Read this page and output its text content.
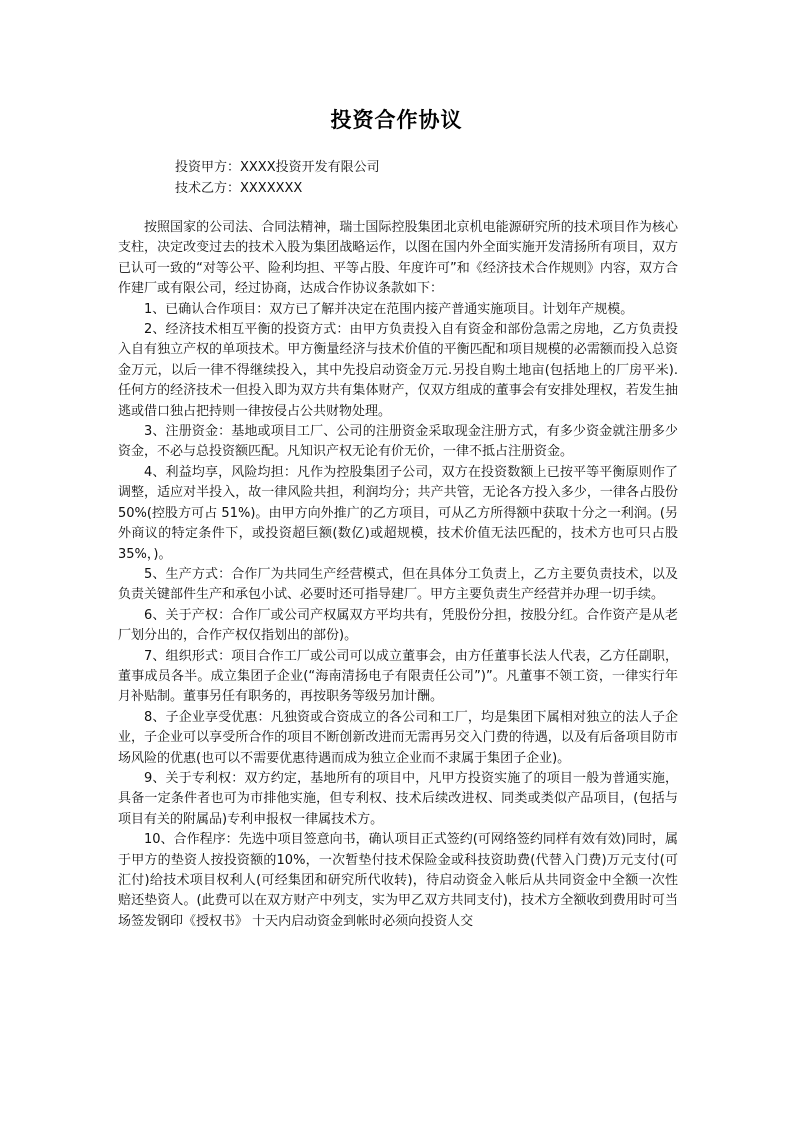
投资合作协议
投资甲方：XXXX投资开发有限公司
技术乙方：XXXXXXX

按照国家的公司法、合同法精神，瑞士国际控股集团北京机电能源研究所的技术项目作为核心支柱，决定改变过去的技术入股为集团战略运作，以图在国内外全面实施开发清扬所有项目，双方已认可一致的“对等公平、险利均担、平等占股、年度许可”和《经济技术合作规则》内容，双方合作建厂或有限公司，经过协商，达成合作协议条款如下：

1、已确认合作项目：双方已了解并决定在范围内接产普通实施项目。计划年产规模。

2、经济技术相互平衡的投资方式：由甲方负责投入自有资金和部份急需之房地，乙方负责投入自有独立产权的单项技术。甲方衡量经济与技术价值的平衡匹配和项目规模的必需额而投入总资金万元，以后一律不得继续投入，其中先投启动资金万元.另投自购土地亩(包括地上的厂房平米).任何方的经济技术一但投入即为双方共有集体财产，仅双方组成的董事会有安排处理权，若发生抽逃或借口独占把持则一律按侵占公共财物处理。

3、注册资金：基地或项目工厂、公司的注册资金采取现金注册方式，有多少资金就注册多少资金，不必与总投资额匹配。凡知识产权无论有价无价，一律不抵占注册资金。

4、利益均享，风险均担：凡作为控股集团子公司，双方在投资数额上已按平等平衡原则作了调整，适应对半投入，故一律风险共担，利润均分；共产共管，无论各方投入多少，一律各占股份 50%(控股方可占 51%)。由甲方向外推广的乙方项目，可从乙方所得额中获取十分之一利润。(另外商议的特定条件下，或投资超巨额(数亿)或超规模，技术价值无法匹配的，技术方也可只占股 35%，)。

5、生产方式：合作厂为共同生产经营模式，但在具体分工负责上，乙方主要负责技术，以及负责关键部件生产和承包小试、必要时还可指导建厂。甲方主要负责生产经营并办理一切手续。

6、关于产权：合作厂或公司产权属双方平均共有，凭股份分担，按股分红。合作资产是从老厂划分出的，合作产权仅指划出的部份)。

7、组织形式：项目合作工厂或公司可以成立董事会，由方任董事长法人代表，乙方任副职，董事成员各半。成立集团子企业(“海南清扬电子有限责任公司”)”。凡董事不领工资，一律实行年月补贴制。董事另任有职务的，再按职务等级另加计酬。

8、子企业享受优惠：凡独资或合资成立的各公司和工厂，均是集团下属相对独立的法人子企业，子企业可以享受所合作的项目不断创新改进而无需再另交入门费的待遇，以及有后备项目防市场风险的优惠(也可以不需要优惠待遇而成为独立企业而不隶属于集团子企业)。

9、关于专利权：双方约定，基地所有的项目中，凡甲方投资实施了的项目一般为普通实施，具备一定条件者也可为市排他实施，但专利权、技术后续改进权、同类或类似产品项目，(包括与项目有关的附属品)专利申报权一律属技术方。

10、合作程序：先选中项目签意向书，确认项目正式签约(可网络签约同样有效有效)同时，属于甲方的垫资人按投资额的10%，一次暂垫付技术保险金或科技资助费(代替入门费)万元支付(可汇付)给技术项目权利人(可经集团和研究所代收转)，待启动资金入帐后从共同资金中全额一次性赔还垫资人。(此费可以在双方财产中列支，实为甲乙双方共同支付)，技术方全额收到费用时可当场签发钢印《授权书》 十天内启动资金到帐时必须向投资人交
